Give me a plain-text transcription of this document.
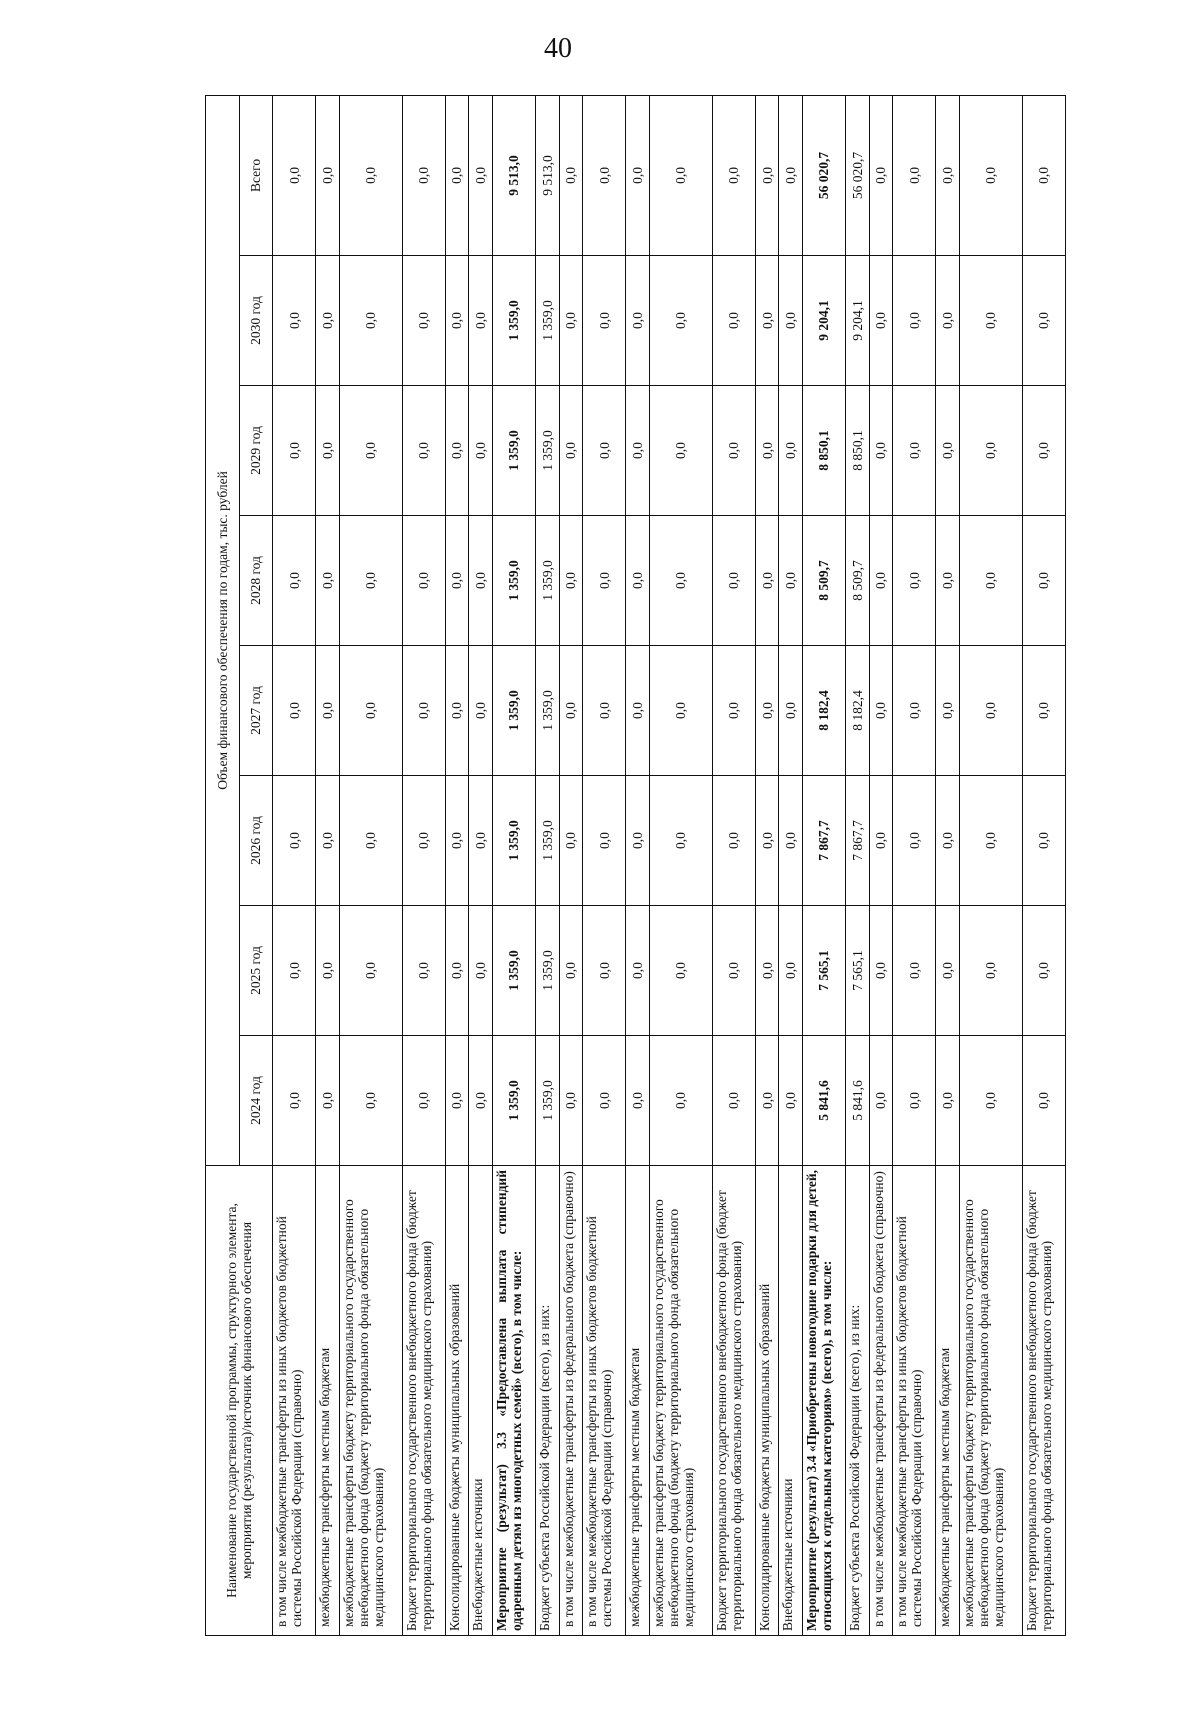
40
Наименование государственной программы, структурного элемента, мероприятия (результата)/источник финансового обеспечения	Объем финансового обеспечения по годам, тыс. рублей							
	2024 год	2025 год	2026 год	2027 год	2028 год	2029 год	2030 год	Всего
в том числе межбюджетные трансферты из иных бюджетов бюджетной системы Российской Федерации (справочно)	0,0	0,0	0,0	0,0	0,0	0,0	0,0	0,0
межбюджетные трансферты местным бюджетам	0,0	0,0	0,0	0,0	0,0	0,0	0,0	0,0
межбюджетные трансферты бюджету территориального государственного внебюджетного фонда (бюджету территориального фонда обязательного медицинского страхования)	0,0	0,0	0,0	0,0	0,0	0,0	0,0	0,0
Бюджет территориального государственного внебюджетного фонда (бюджет территориального фонда обязательного медицинского страхования)	0,0	0,0	0,0	0,0	0,0	0,0	0,0	0,0
Консолидированные бюджеты муниципальных образований	0,0	0,0	0,0	0,0	0,0	0,0	0,0	0,0
Внебюджетные источники	0,0	0,0	0,0	0,0	0,0	0,0	0,0	0,0
Мероприятие (результат) 3.3 «Предоставлена выплата стипендий одаренным детям из многодетных семей» (всего), в том числе:	1 359,0	1 359,0	1 359,0	1 359,0	1 359,0	1 359,0	1 359,0	9 513,0
Бюджет субъекта Российской Федерации (всего), из них:	1 359,0	1 359,0	1 359,0	1 359,0	1 359,0	1 359,0	1 359,0	9 513,0
в том числе межбюджетные трансферты из федерального бюджета (справочно)	0,0	0,0	0,0	0,0	0,0	0,0	0,0	0,0
в том числе межбюджетные трансферты из иных бюджетов бюджетной системы Российской Федерации (справочно)	0,0	0,0	0,0	0,0	0,0	0,0	0,0	0,0
межбюджетные трансферты местным бюджетам	0,0	0,0	0,0	0,0	0,0	0,0	0,0	0,0
межбюджетные трансферты бюджету территориального государственного внебюджетного фонда (бюджету территориального фонда обязательного медицинского страхования)	0,0	0,0	0,0	0,0	0,0	0,0	0,0	0,0
Бюджет территориального государственного внебюджетного фонда (бюджет территориального фонда обязательного медицинского страхования)	0,0	0,0	0,0	0,0	0,0	0,0	0,0	0,0
Консолидированные бюджеты муниципальных образований	0,0	0,0	0,0	0,0	0,0	0,0	0,0	0,0
Внебюджетные источники	0,0	0,0	0,0	0,0	0,0	0,0	0,0	0,0
Мероприятие (результат) 3.4 «Приобретены новогодние подарки для детей, относящихся к отдельным категориям» (всего), в том числе:	5 841,6	7 565,1	7 867,7	8 182,4	8 509,7	8 850,1	9 204,1	56 020,7
Бюджет субъекта Российской Федерации (всего), из них:	5 841,6	7 565,1	7 867,7	8 182,4	8 509,7	8 850,1	9 204,1	56 020,7
в том числе межбюджетные трансферты из федерального бюджета (справочно)	0,0	0,0	0,0	0,0	0,0	0,0	0,0	0,0
в том числе межбюджетные трансферты из иных бюджетов бюджетной системы Российской Федерации (справочно)	0,0	0,0	0,0	0,0	0,0	0,0	0,0	0,0
межбюджетные трансферты местным бюджетам	0,0	0,0	0,0	0,0	0,0	0,0	0,0	0,0
межбюджетные трансферты бюджету территориального государственного внебюджетного фонда (бюджету территориального фонда обязательного медицинского страхования)	0,0	0,0	0,0	0,0	0,0	0,0	0,0	0,0
Бюджет территориального государственного внебюджетного фонда (бюджет территориального фонда обязательного медицинского страхования)	0,0	0,0	0,0	0,0	0,0	0,0	0,0	0,0
